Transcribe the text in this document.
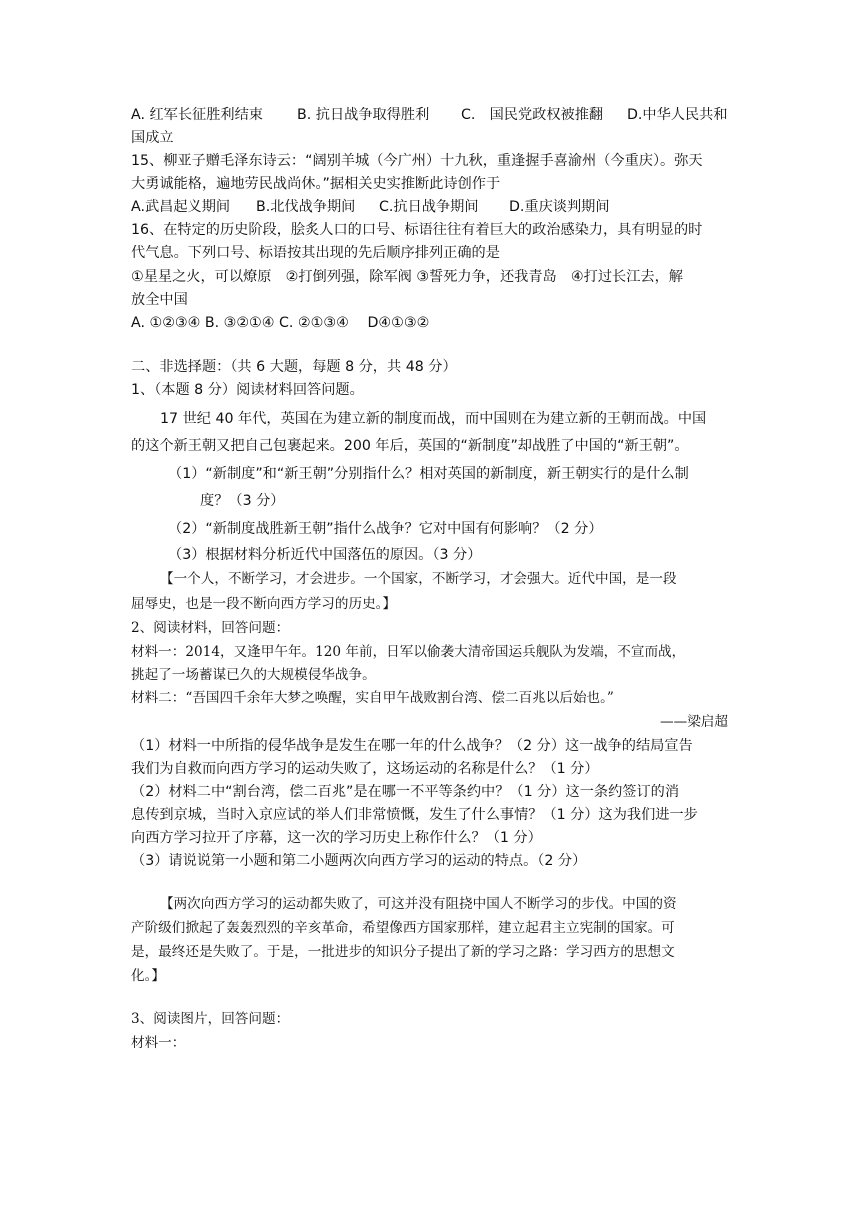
A. 红军长征胜利结束 B. 抗日战争取得胜利 C.　国民党政权被推翻 D.中华人民共和
国成立
15、柳亚子赠毛泽东诗云：“阔别羊城（今广州）十九秋，重逢握手喜渝州（今重庆）。弥天
大勇诚能格，遍地劳民战尚休。”据相关史实推断此诗创作于
A.武昌起义期间 B.北伐战争期间 C.抗日战争期间 D.重庆谈判期间
16、在特定的历史阶段，脍炙人口的口号、标语往往有着巨大的政治感染力，具有明显的时
代气息。下列口号、标语按其出现的先后顺序排列正确的是
①星星之火，可以燎原　②打倒列强，除军阀 ③誓死力争，还我青岛　④打过长江去，解
放全中国
A. ①②③④ B. ③②①④ C. ②①③④ 　D④①③②
二、非选择题：（共 6 大题，每题 8 分，共 48 分）
1、（本题 8 分）阅读材料回答问题。
17 世纪 40 年代，英国在为建立新的制度而战，而中国则在为建立新的王朝而战。中国
的这个新王朝又把自己包裹起来。200 年后，英国的“新制度”却战胜了中国的“新王朝”。
（1）“新制度”和“新王朝”分别指什么？相对英国的新制度，新王朝实行的是什么制
度？（3 分）
（2）“新制度战胜新王朝”指什么战争？它对中国有何影响？（2 分）
（3）根据材料分析近代中国落伍的原因。（3 分）
【一个人，不断学习，才会进步。一个国家，不断学习，才会强大。近代中国，是一段
屈辱史，也是一段不断向西方学习的历史。】
2、阅读材料，回答问题：
材料一：2014，又逢甲午年。120 年前，日军以偷袭大清帝国运兵舰队为发端，不宣而战，
挑起了一场蓄谋已久的大规模侵华战争。
材料二：“吾国四千余年大梦之唤醒，实自甲午战败割台湾、偿二百兆以后始也。”
——梁启超
（1）材料一中所指的侵华战争是发生在哪一年的什么战争？（2 分）这一战争的结局宣告
我们为自救而向西方学习的运动失败了，这场运动的名称是什么？（1 分）
（2）材料二中“割台湾，偿二百兆”是在哪一不平等条约中？（1 分）这一条约签订的消
息传到京城，当时入京应试的举人们非常愤慨，发生了什么事情？（1 分）这为我们进一步
向西方学习拉开了序幕，这一次的学习历史上称作什么？（1 分）
（3）请说说第一小题和第二小题两次向西方学习的运动的特点。（2 分）
【两次向西方学习的运动都失败了，可这并没有阻挠中国人不断学习的步伐。中国的资
产阶级们掀起了轰轰烈烈的辛亥革命，希望像西方国家那样，建立起君主立宪制的国家。可
是，最终还是失败了。于是，一批进步的知识分子提出了新的学习之路：学习西方的思想文
化。】
3、阅读图片，回答问题：
材料一：
